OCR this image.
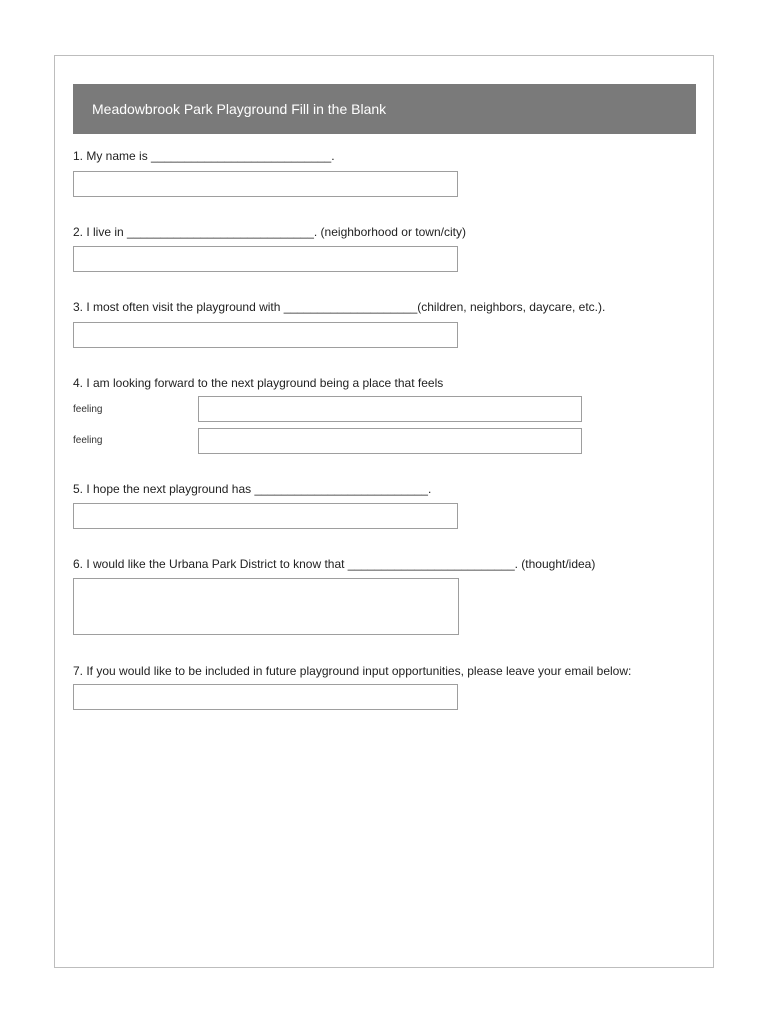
Meadowbrook Park Playground Fill in the Blank
1. My name is ___________________________.
2. I live in ____________________________. (neighborhood or town/city)
3. I most often visit the playground with ____________________(children, neighbors, daycare, etc.).
4. I am looking forward to the next playground being a place that feels
feeling
feeling
5. I hope the next playground has __________________________.
6. I would like the Urbana Park District to know that _________________________. (thought/idea)
7. If you would like to be included in future playground input opportunities, please leave your email below:
